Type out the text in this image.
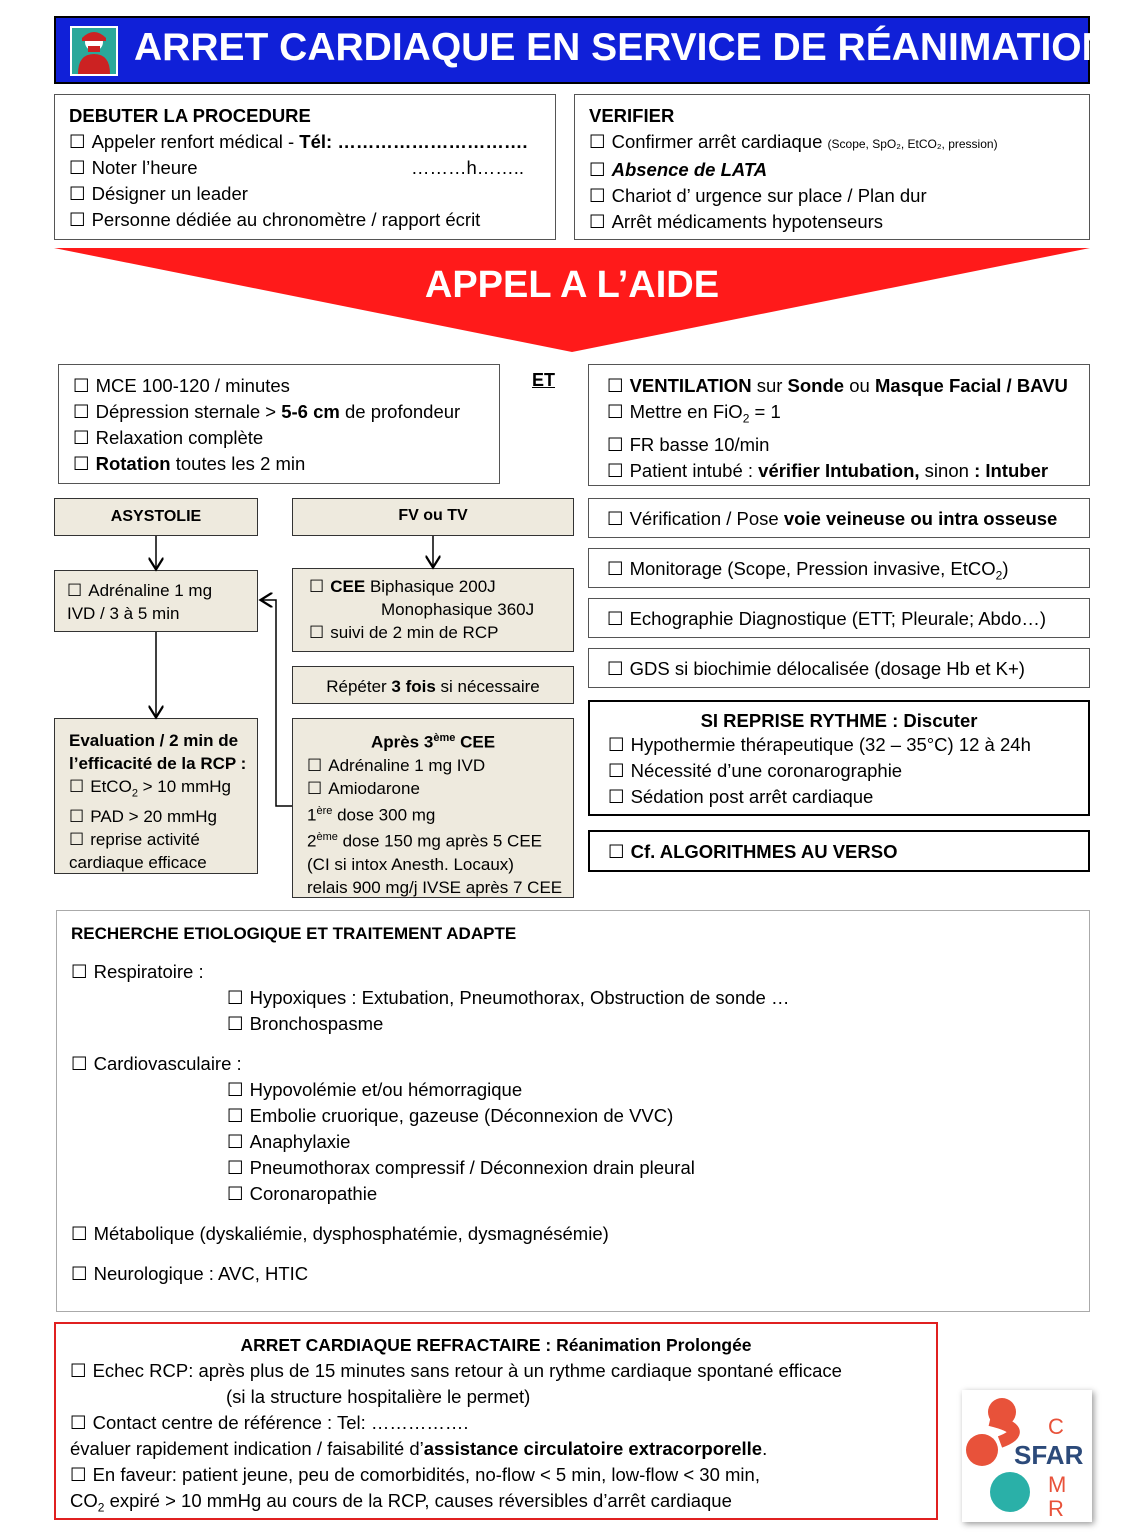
ARRET CARDIAQUE EN SERVICE DE RÉANIMATION
DEBUTER LA PROCEDURE
☐ Appeler renfort médical - Tél: ………………………….
☐ Noter l’heure	………h……..
☐ Désigner un leader
☐ Personne dédiée au chronomètre / rapport écrit
VERIFIER
☐ Confirmer arrêt cardiaque (Scope, SpO₂, EtCO₂, pression)
☐ Absence de LATA
☐ Chariot d’ urgence sur place / Plan dur
☐ Arrêt médicaments hypotenseurs
APPEL A L’AIDE
☐ MCE 100-120 / minutes
☐ Dépression sternale > 5-6 cm de profondeur
☐ Relaxation complète
☐ Rotation toutes les 2 min
ET
☐	VENTILATION sur Sonde ou Masque Facial / BAVU
☐ Mettre en FiO$_2$ = 1
☐ FR basse 10/min
☐ Patient intubé : vérifier Intubation, sinon : Intuber
ASYSTOLIE	FV ou TV
☐ Adrénaline 1 mg
IVD / 3 à 5 min
☐ CEE Biphasique 200J
Monophasique 360J
☐ suivi de 2 min de RCP
Répéter 3 fois si nécessaire
Evaluation / 2 min de
l’efficacité de la RCP :
☐ EtCO$_2$ > 10 mmHg
☐ PAD > 20 mmHg
☐ reprise activité
cardiaque efficace
Après 3ème CEE
☐ Adrénaline 1 mg IVD
☐ Amiodarone
1ère dose 300 mg
2ème dose 150 mg après 5 CEE
(CI si intox Anesth. Locaux)
relais 900 mg/j IVSE après 7 CEE
☐ Vérification / Pose voie veineuse ou intra osseuse
☐ Monitorage (Scope, Pression invasive, EtCO$_2$)
☐ Echographie Diagnostique (ETT; Pleurale; Abdo…)
☐ GDS si biochimie délocalisée (dosage Hb et K+)
SI REPRISE RYTHME : Discuter
☐ Hypothermie thérapeutique (32 – 35°C) 12 à 24h
☐ Nécessité d’une coronarographie
☐ Sédation post arrêt cardiaque
☐ Cf. ALGORITHMES AU VERSO
RECHERCHE ETIOLOGIQUE ET TRAITEMENT ADAPTE
☐ Respiratoire :
☐ Hypoxiques : Extubation, Pneumothorax, Obstruction de sonde …
☐ Bronchospasme
☐ Cardiovasculaire :
☐ Hypovolémie et/ou hémorragique
☐ Embolie cruorique, gazeuse (Déconnexion de VVC)
☐ Anaphylaxie
☐ Pneumothorax compressif / Déconnexion drain pleural
☐ Coronaropathie
☐ Métabolique (dyskaliémie, dysphosphatémie, dysmagnésémie)
☐ Neurologique : AVC, HTIC
ARRET CARDIAQUE REFRACTAIRE : Réanimation Prolongée
☐ Echec RCP: après plus de 15 minutes sans retour à un rythme cardiaque spontané efficace
(si la structure hospitalière le permet)
☐ Contact centre de référence : Tel: …………….
évaluer rapidement indication / faisabilité d’assistance circulatoire extracorporelle.
☐ En faveur: patient jeune, peu de comorbidités, no-flow < 5 min, low-flow < 30 min,
$CO_2$ expiré > 10 mmHg au cours de la RCP, causes réversibles d’arrêt cardiaque
C
SFAR
M
R
